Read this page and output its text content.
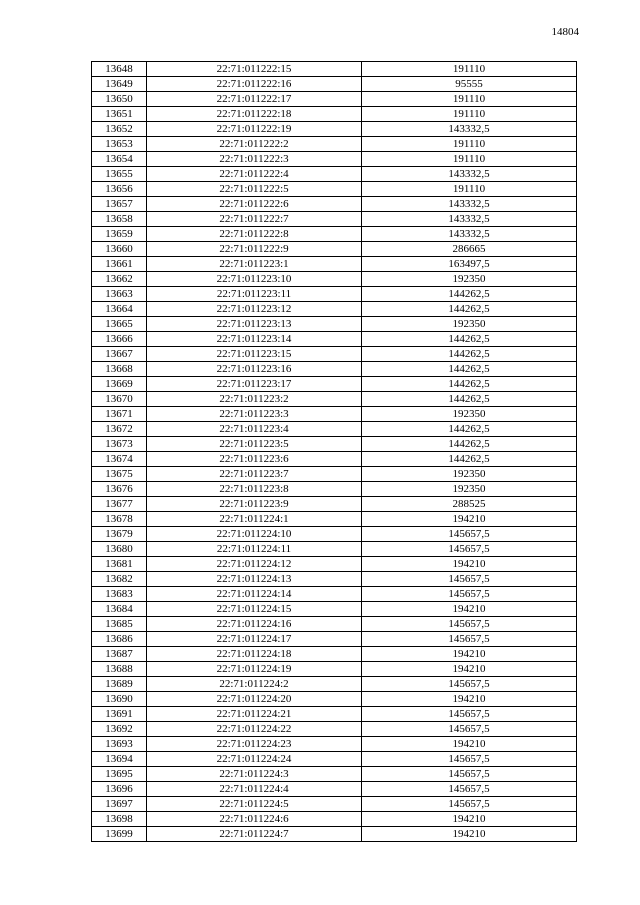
14804
13648	22:71:011222:15	191110
13649	22:71:011222:16	95555
13650	22:71:011222:17	191110
13651	22:71:011222:18	191110
13652	22:71:011222:19	143332,5
13653	22:71:011222:2	191110
13654	22:71:011222:3	191110
13655	22:71:011222:4	143332,5
13656	22:71:011222:5	191110
13657	22:71:011222:6	143332,5
13658	22:71:011222:7	143332,5
13659	22:71:011222:8	143332,5
13660	22:71:011222:9	286665
13661	22:71:011223:1	163497,5
13662	22:71:011223:10	192350
13663	22:71:011223:11	144262,5
13664	22:71:011223:12	144262,5
13665	22:71:011223:13	192350
13666	22:71:011223:14	144262,5
13667	22:71:011223:15	144262,5
13668	22:71:011223:16	144262,5
13669	22:71:011223:17	144262,5
13670	22:71:011223:2	144262,5
13671	22:71:011223:3	192350
13672	22:71:011223:4	144262,5
13673	22:71:011223:5	144262,5
13674	22:71:011223:6	144262,5
13675	22:71:011223:7	192350
13676	22:71:011223:8	192350
13677	22:71:011223:9	288525
13678	22:71:011224:1	194210
13679	22:71:011224:10	145657,5
13680	22:71:011224:11	145657,5
13681	22:71:011224:12	194210
13682	22:71:011224:13	145657,5
13683	22:71:011224:14	145657,5
13684	22:71:011224:15	194210
13685	22:71:011224:16	145657,5
13686	22:71:011224:17	145657,5
13687	22:71:011224:18	194210
13688	22:71:011224:19	194210
13689	22:71:011224:2	145657,5
13690	22:71:011224:20	194210
13691	22:71:011224:21	145657,5
13692	22:71:011224:22	145657,5
13693	22:71:011224:23	194210
13694	22:71:011224:24	145657,5
13695	22:71:011224:3	145657,5
13696	22:71:011224:4	145657,5
13697	22:71:011224:5	145657,5
13698	22:71:011224:6	194210
13699	22:71:011224:7	194210
